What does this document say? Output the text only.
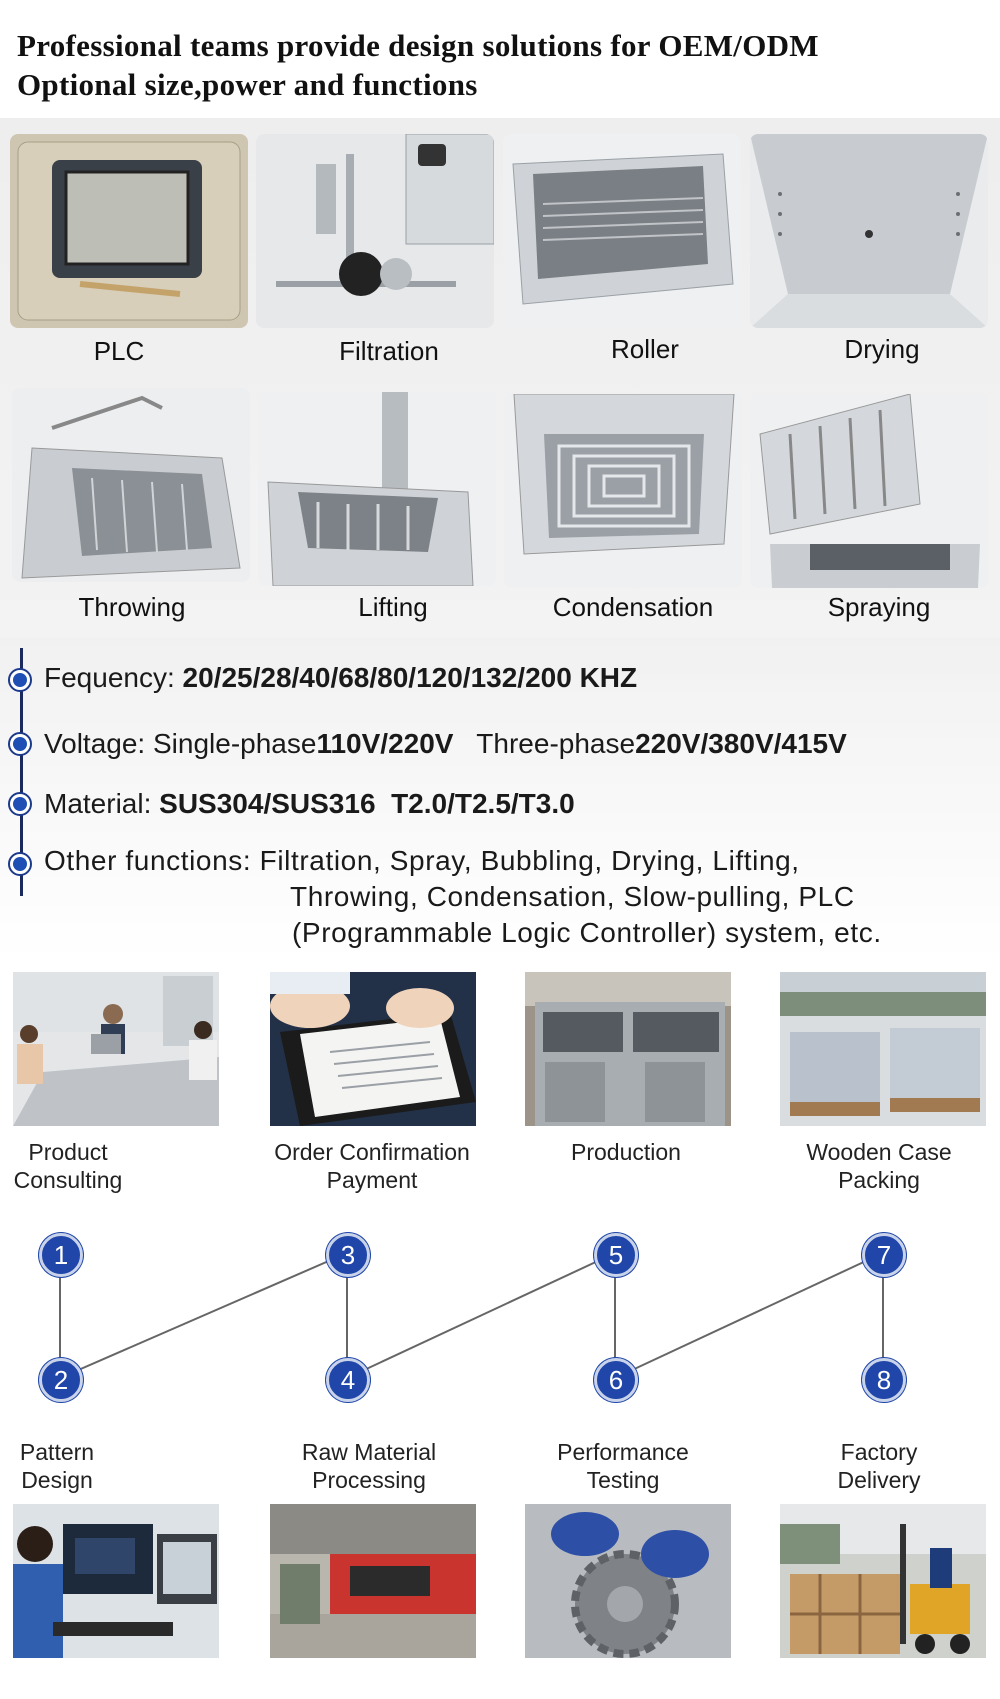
Professional teams provide design solutions for OEM/ODM
Optional size,power and functions
PLC	Filtration	Roller	Drying
Throwing	Lifting	Condensation	Spraying
Fequency: 20/25/28/40/68/80/120/132/200 KHZ
Voltage: Single-phase110V/220V   Three-phase220V/380V/415V
Material: SUS304/SUS316  T2.0/T2.5/T3.0
Other functions: Filtration, Spray, Bubbling, Drying, Lifting,
Throwing, Condensation, Slow-pulling, PLC
(Programmable Logic Controller) system, etc.
Product
Consulting
Order Confirmation
Payment
Production	Wooden Case
Packing
1
2
3
4
5
6
7
8
Pattern
Design
Raw Material
Processing
Performance
Testing
Factory
Delivery
